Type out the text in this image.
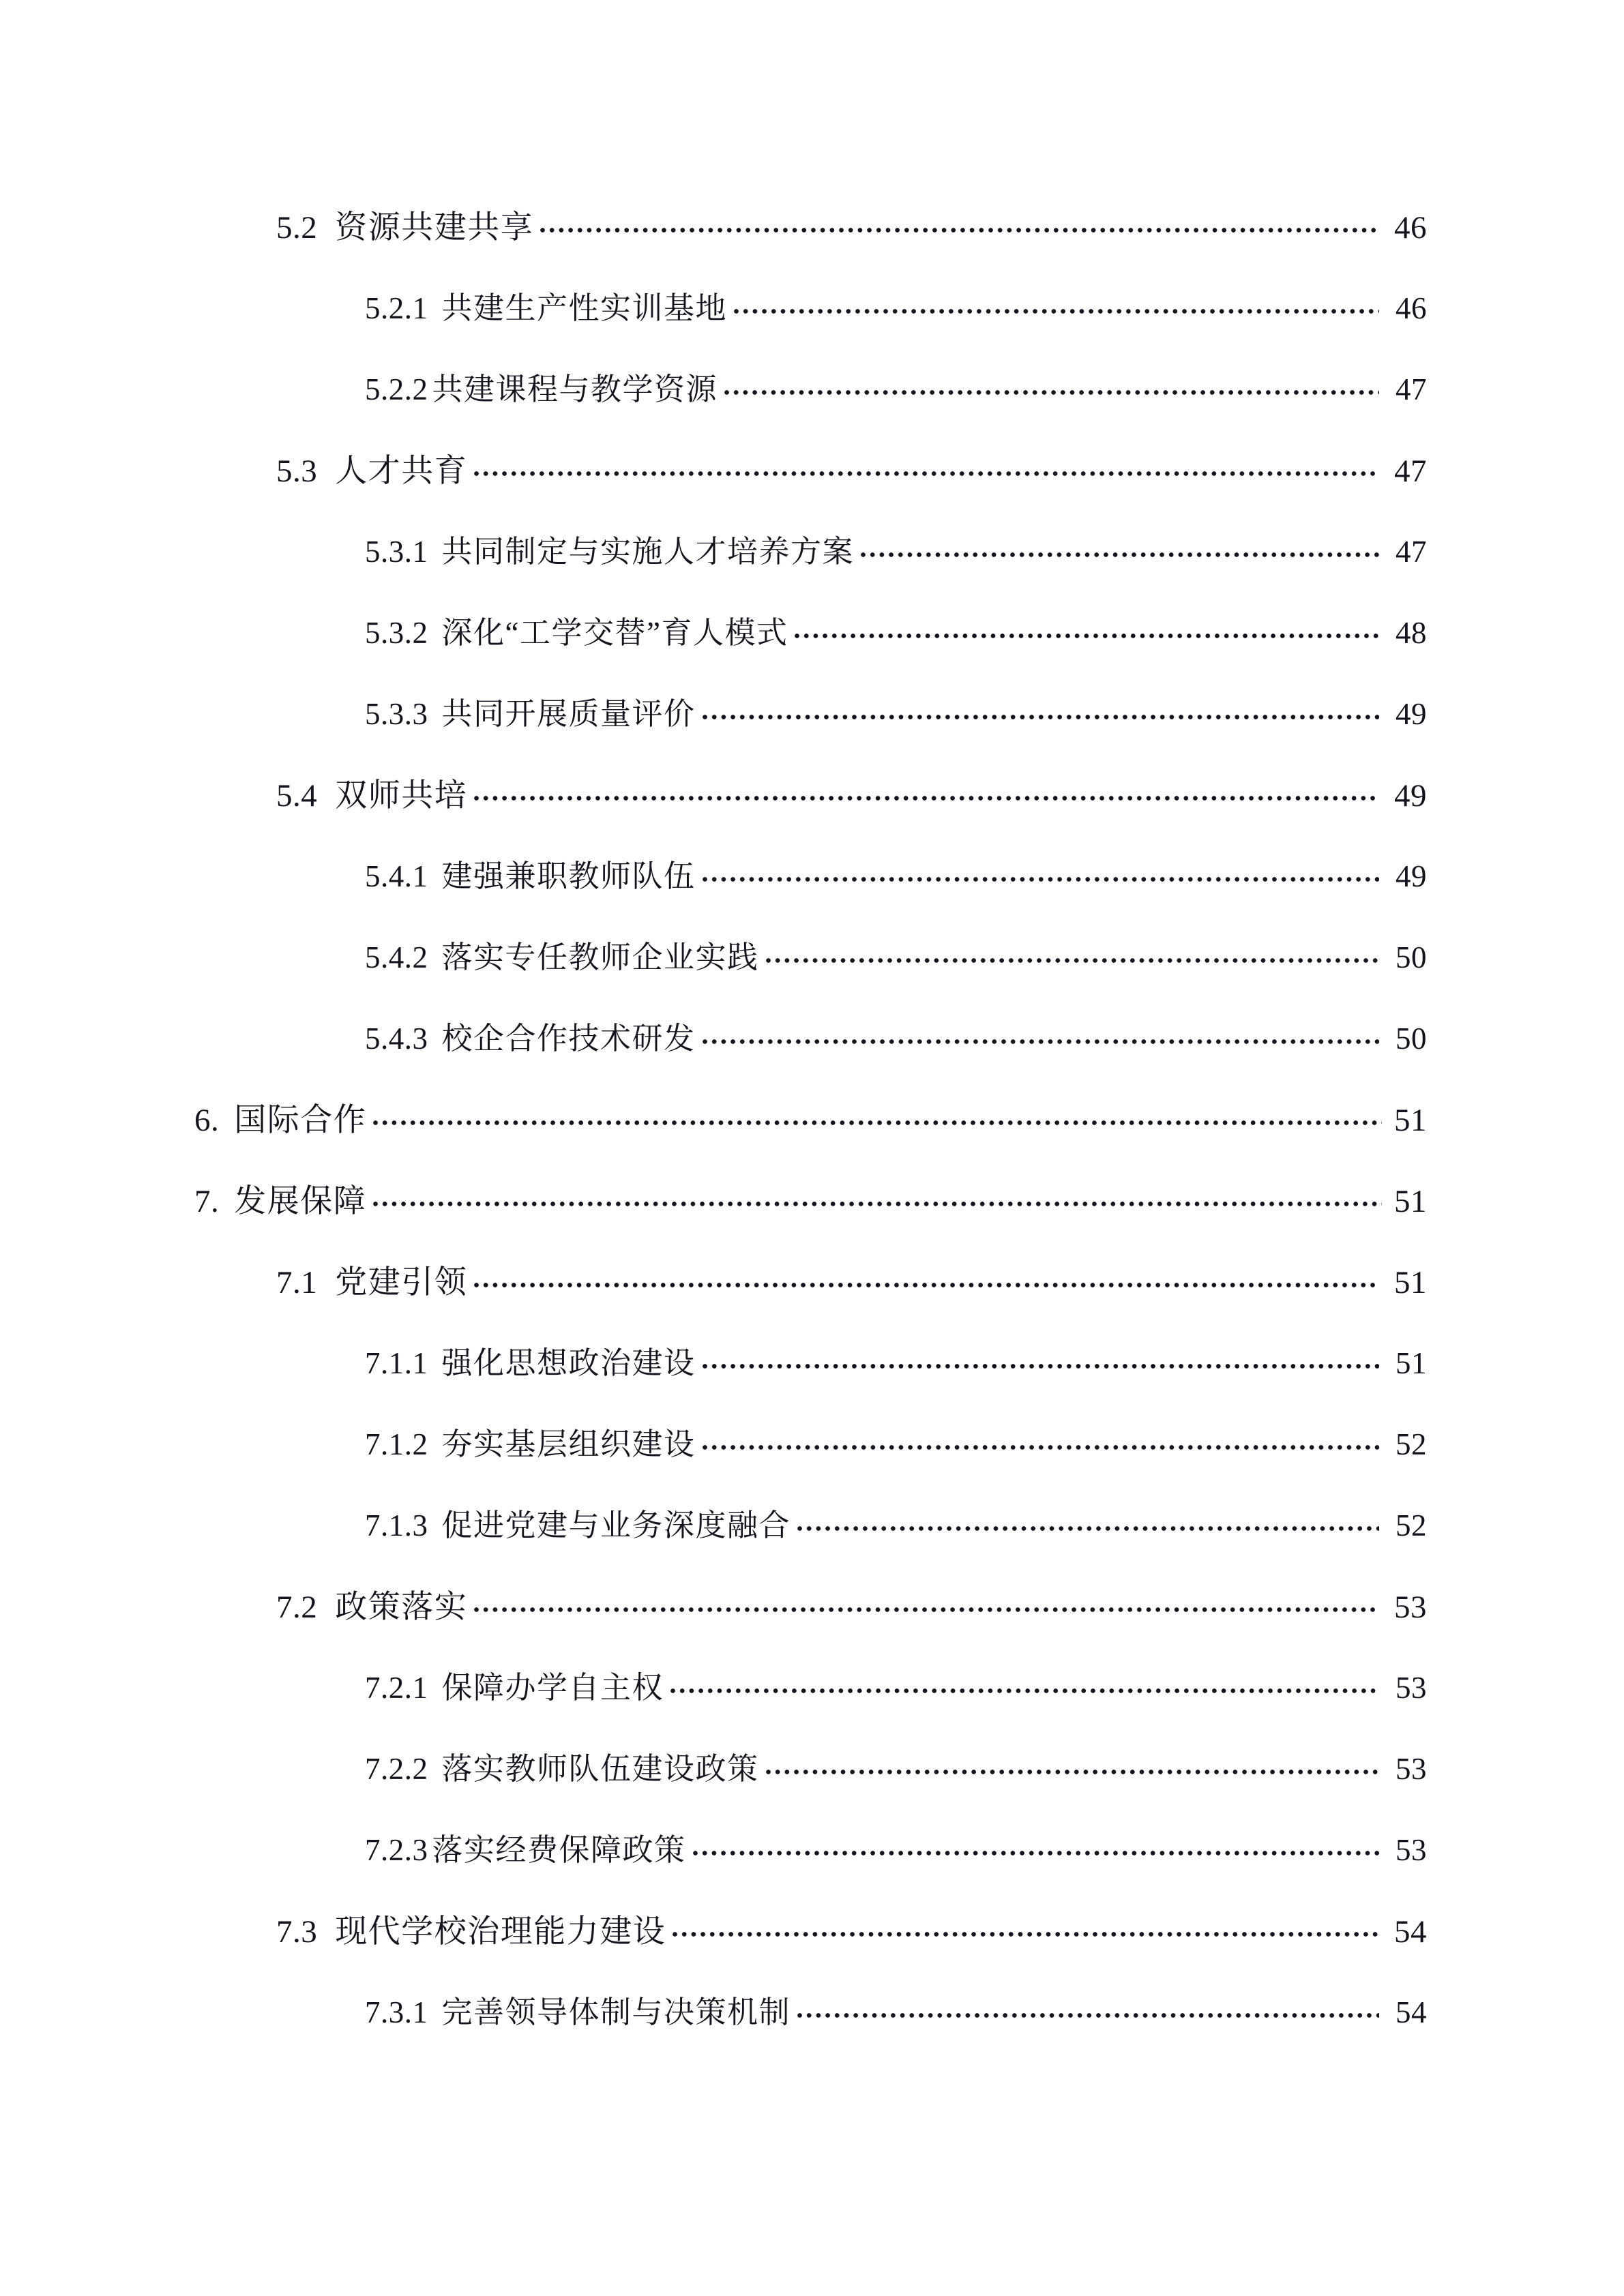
5.2 资源共建共享	46
5.2.1 共建生产性实训基地	46
5.2.2 共建课程与教学资源	47
5.3 人才共育	47
5.3.1 共同制定与实施人才培养方案	47
5.3.2 深化“工学交替”育人模式	48
5.3.3 共同开展质量评价	49
5.4 双师共培	49
5.4.1 建强兼职教师队伍	49
5.4.2 落实专任教师企业实践	50
5.4.3 校企合作技术研发	50
6. 国际合作	51
7. 发展保障	51
7.1 党建引领	51
7.1.1 强化思想政治建设	51
7.1.2 夯实基层组织建设	52
7.1.3 促进党建与业务深度融合	52
7.2 政策落实	53
7.2.1 保障办学自主权	53
7.2.2 落实教师队伍建设政策	53
7.2.3 落实经费保障政策	53
7.3 现代学校治理能力建设	54
7.3.1 完善领导体制与决策机制	54
